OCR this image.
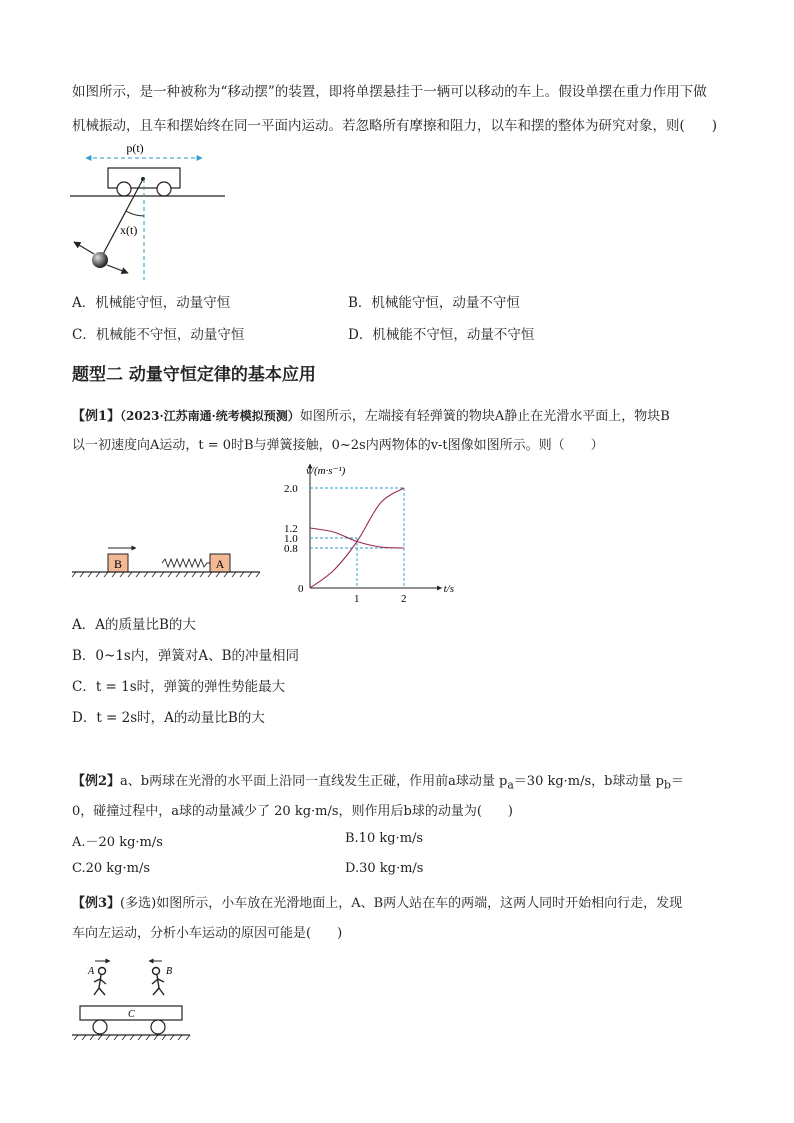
如图所示，是一种被称为“移动摆”的装置，即将单摆悬挂于一辆可以移动的车上。假设单摆在重力作用下做
机械振动，且车和摆始终在同一平面内运动。若忽略所有摩擦和阻力，以车和摆的整体为研究对象，则(　　)
p(t)
x(t)
A．机械能守恒，动量守恒	B．机械能守恒，动量不守恒
C．机械能不守恒，动量守恒	D．机械能不守恒，动量不守恒
题型二 动量守恒定律的基本应用
【例1】（2023·江苏南通·统考模拟预测）如图所示，左端接有轻弹簧的物块A静止在光滑水平面上，物块B
以一初速度向A运动，t = 0时B与弹簧接触，0~2s内两物体的v-t图像如图所示。则（　　）
B	A
v/(m·s⁻¹)
t/s
0
0.8
1.0
1.2
2.0
1	2
A．A的质量比B的大
B．0~1s内，弹簧对A、B的冲量相同
C．t = 1s时，弹簧的弹性势能最大
D．t = 2s时，A的动量比B的大
【例2】a、b两球在光滑的水平面上沿同一直线发生正碰，作用前a球动量 $p_a=30$ kg·m/s，b球动量 $p_b=$
0，碰撞过程中，a球的动量减少了 20 kg·m/s，则作用后b球的动量为(　　)
A.－20 kg·m/s	B.10 kg·m/s
C.20 kg·m/s	D.30 kg·m/s
【例3】(多选)如图所示，小车放在光滑地面上，A、B两人站在车的两端，这两人同时开始相向行走，发现
车向左运动，分析小车运动的原因可能是(　　)
A	B
C
